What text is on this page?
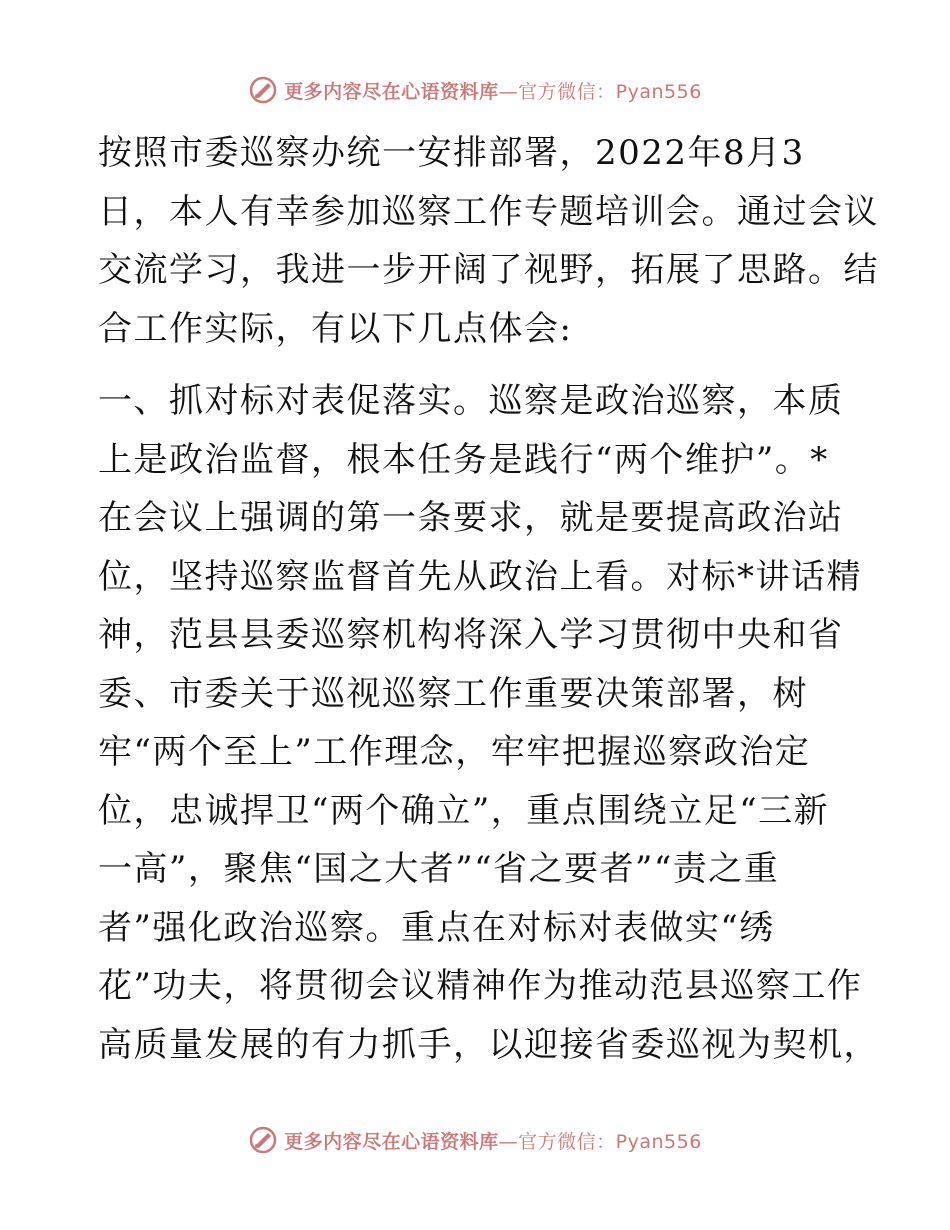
更多内容尽在心语资料库—官方微信：Pyan556
按照市委巡察办统一安排部署，2022年8月3
日，本人有幸参加巡察工作专题培训会。通过会议
交流学习，我进一步开阔了视野，拓展了思路。结
合工作实际，有以下几点体会:
一、抓对标对表促落实。巡察是政治巡察，本质
上是政治监督，根本任务是践行“两个维护”。*
在会议上强调的第一条要求，就是要提高政治站
位，坚持巡察监督首先从政治上看。对标*讲话精
神，范县县委巡察机构将深入学习贯彻中央和省
委、市委关于巡视巡察工作重要决策部署，树
牢“两个至上”工作理念，牢牢把握巡察政治定
位，忠诚捍卫“两个确立”，重点围绕立足“三新
一高”，聚焦“国之大者”“省之要者”“责之重
者”强化政治巡察。重点在对标对表做实“绣
花”功夫，将贯彻会议精神作为推动范县巡察工作
高质量发展的有力抓手，以迎接省委巡视为契机，
更多内容尽在心语资料库—官方微信：Pyan556
